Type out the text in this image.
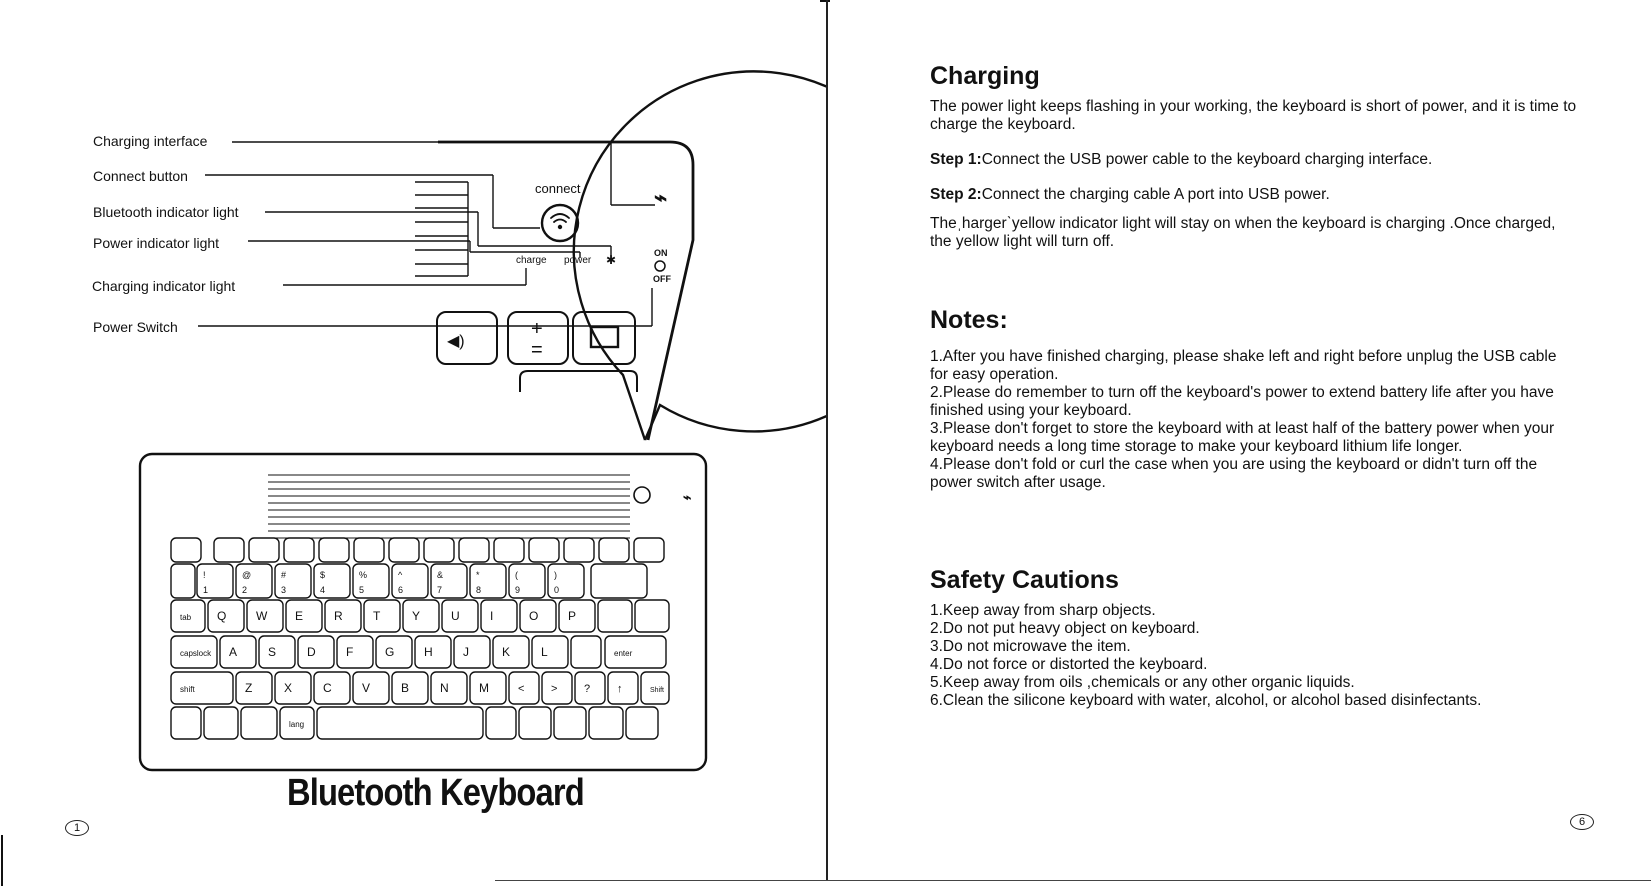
Charging interface
Connect button
Bluetooth indicator light
Power indicator light
Charging indicator light
Power Switch
connect
charge power ✱	ON
OFF
⌁
◀)
+
=
⌁
!
1
@
2
#
3
$
4
%
5
^
6
&
7
*
8
(
9
)
0
tab Q W E	R	T	Y	U	I	O P
capslock A	S	D	F	G H	J	K	L	enter
shift	Z	X	C	V	B	N	M	< > ? ↑	Shift
lang
Bluetooth Keyboard
1
Charging

The power light keeps flashing in your working, the keyboard is short of power, and it is time to charge the keyboard.

Step 1:Connect the USB power cable to the keyboard charging interface.

Step 2:Connect the charging cable A port into USB power.

Theˌhargerˋyellow indicator light will stay on when the keyboard is charging .Once charged, the yellow light will turn off.

Notes:

1.After you have finished charging, please shake left and right before unplug the USB cable for easy operation.

2.Please do remember to turn off the keyboard's power to extend battery life after you have finished using your keyboard.

3.Please don't forget to store the keyboard with at least half of the battery power when your keyboard needs a long time storage to make your keyboard lithium life longer.

4.Please don't fold or curl the case when you are using the keyboard or didn't turn off the power switch after usage.

Safety Cautions

1.Keep away from sharp objects.

2.Do not put heavy object on keyboard.

3.Do not microwave the item.

4.Do not force or distorted the keyboard.

5.Keep away from oils ,chemicals or any other organic liquids.

6.Clean the silicone keyboard with water, alcohol, or alcohol based disinfectants.

6
